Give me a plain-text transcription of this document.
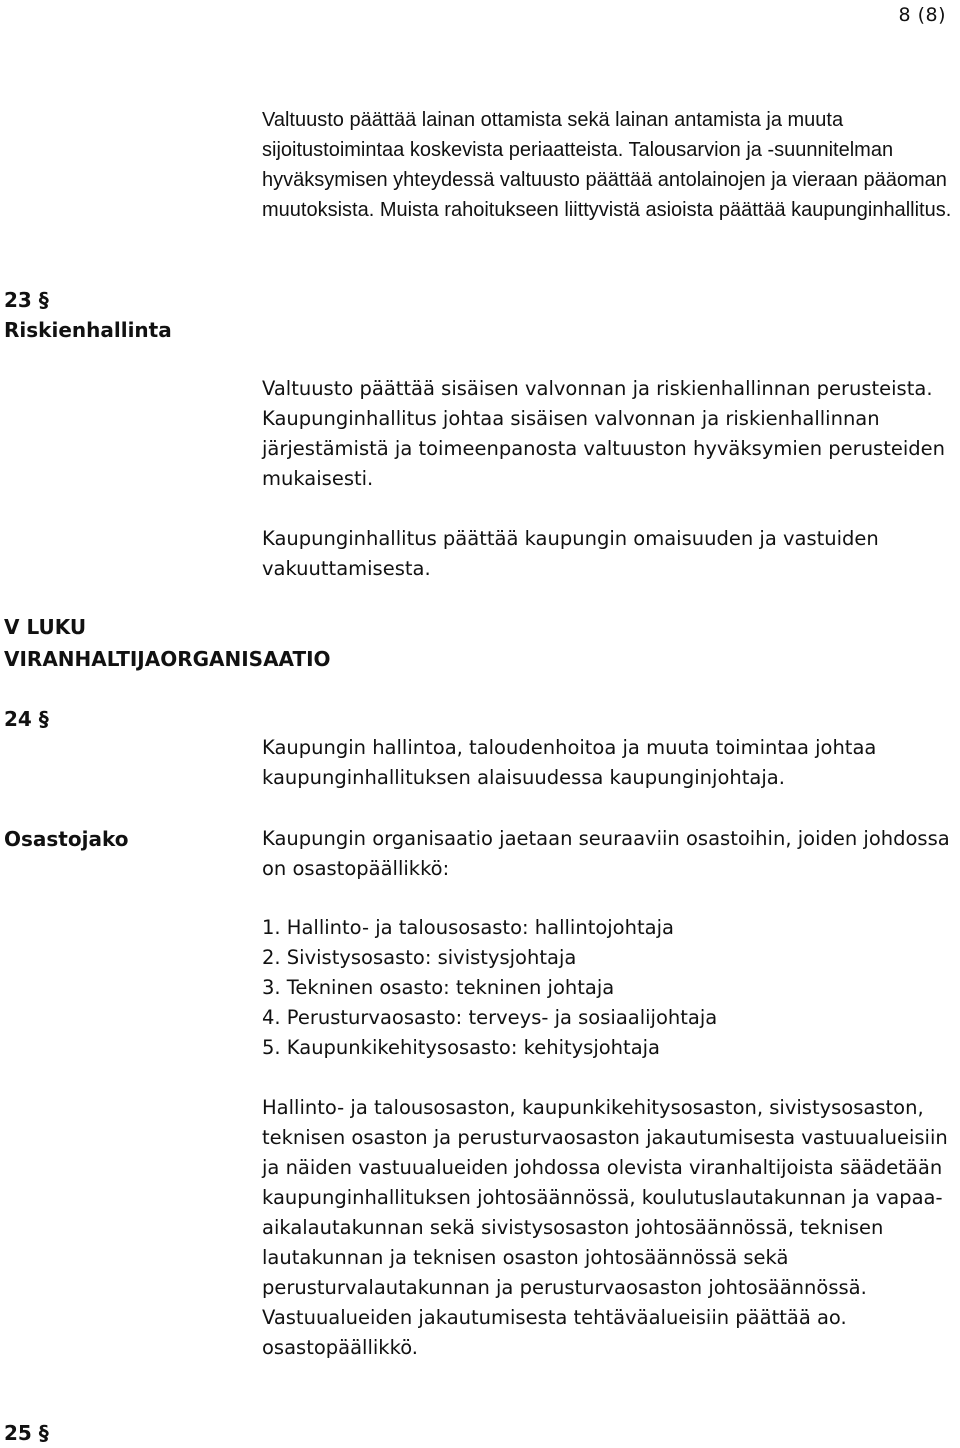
8 (8)

Valtuusto päättää lainan ottamista sekä lainan antamista ja muuta sijoitustoimintaa koskevista periaatteista. Talousarvion ja -suunnitelman hyväksymisen yhteydessä valtuusto päättää antolainojen ja vieraan pääoman muutoksista. Muista rahoitukseen liittyvistä asioista päättää kaupunginhallitus.

23 §
Riskienhallinta

Valtuusto päättää sisäisen valvonnan ja riskienhallinnan perusteista. Kaupunginhallitus johtaa sisäisen valvonnan ja riskienhallinnan järjestämistä ja toimeenpanosta valtuuston hyväksymien perusteiden mukaisesti.

Kaupunginhallitus päättää kaupungin omaisuuden ja vastuiden vakuuttamisesta.

V LUKU
VIRANHALTIJAORGANISAATIO
24 §

Kaupungin hallintoa, taloudenhoitoa ja muuta toimintaa johtaa kaupunginhallituksen alaisuudessa kaupunginjohtaja.

Osastojako	Kaupungin organisaatio jaetaan seuraaviin osastoihin, joiden johdossa on osastopäällikkö:

1. Hallinto- ja talousosasto: hallintojohtaja
2. Sivistysosasto: sivistysjohtaja
3. Tekninen osasto: tekninen johtaja
4. Perusturvaosasto: terveys- ja sosiaalijohtaja
5. Kaupunkikehitysosasto: kehitysjohtaja

Hallinto- ja talousosaston, kaupunkikehitysosaston, sivistysosaston, teknisen osaston ja perusturvaosaston jakautumisesta vastuualueisiin ja näiden vastuualueiden johdossa olevista viranhaltijoista säädetään kaupunginhallituksen johtosäännössä, koulutuslautakunnan ja vapaa-aikalautakunnan sekä sivistysosaston johtosäännössä, teknisen lautakunnan ja teknisen osaston johtosäännössä sekä perusturvalautakunnan ja perusturvaosaston johtosäännössä. Vastuualueiden jakautumisesta tehtäväalueisiin päättää ao. osastopäällikkö.

25 §
